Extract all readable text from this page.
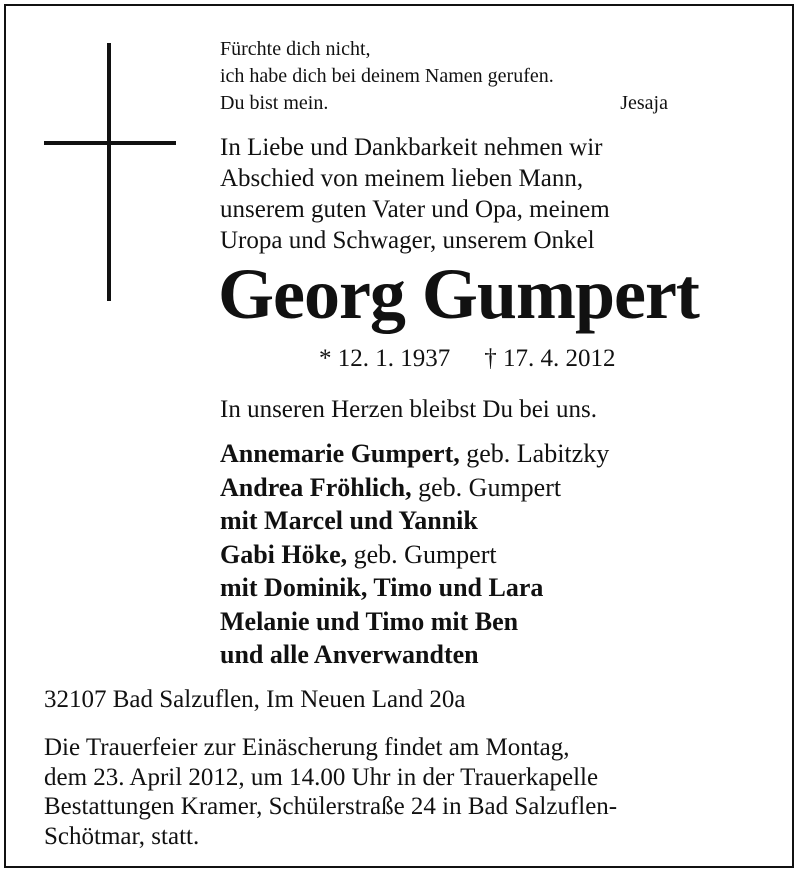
Fürchte dich nicht,
ich habe dich bei deinem Namen gerufen.
Du bist mein.	Jesaja
In Liebe und Dankbarkeit nehmen wir
Abschied von meinem lieben Mann,
unserem guten Vater und Opa, meinem
Uropa und Schwager, unserem Onkel
Georg Gumpert
* 12. 1. 1937 † 17. 4. 2012
In unseren Herzen bleibst Du bei uns.
Annemarie Gumpert, geb. Labitzky
Andrea Fröhlich, geb. Gumpert
mit Marcel und Yannik
Gabi Höke, geb. Gumpert
mit Dominik, Timo und Lara
Melanie und Timo mit Ben
und alle Anverwandten
32107 Bad Salzuflen, Im Neuen Land 20a
Die Trauerfeier zur Einäscherung findet am Montag,
dem 23. April 2012, um 14.00 Uhr in der Trauerkapelle
Bestattungen Kramer, Schülerstraße 24 in Bad Salzuflen-
Schötmar, statt.
